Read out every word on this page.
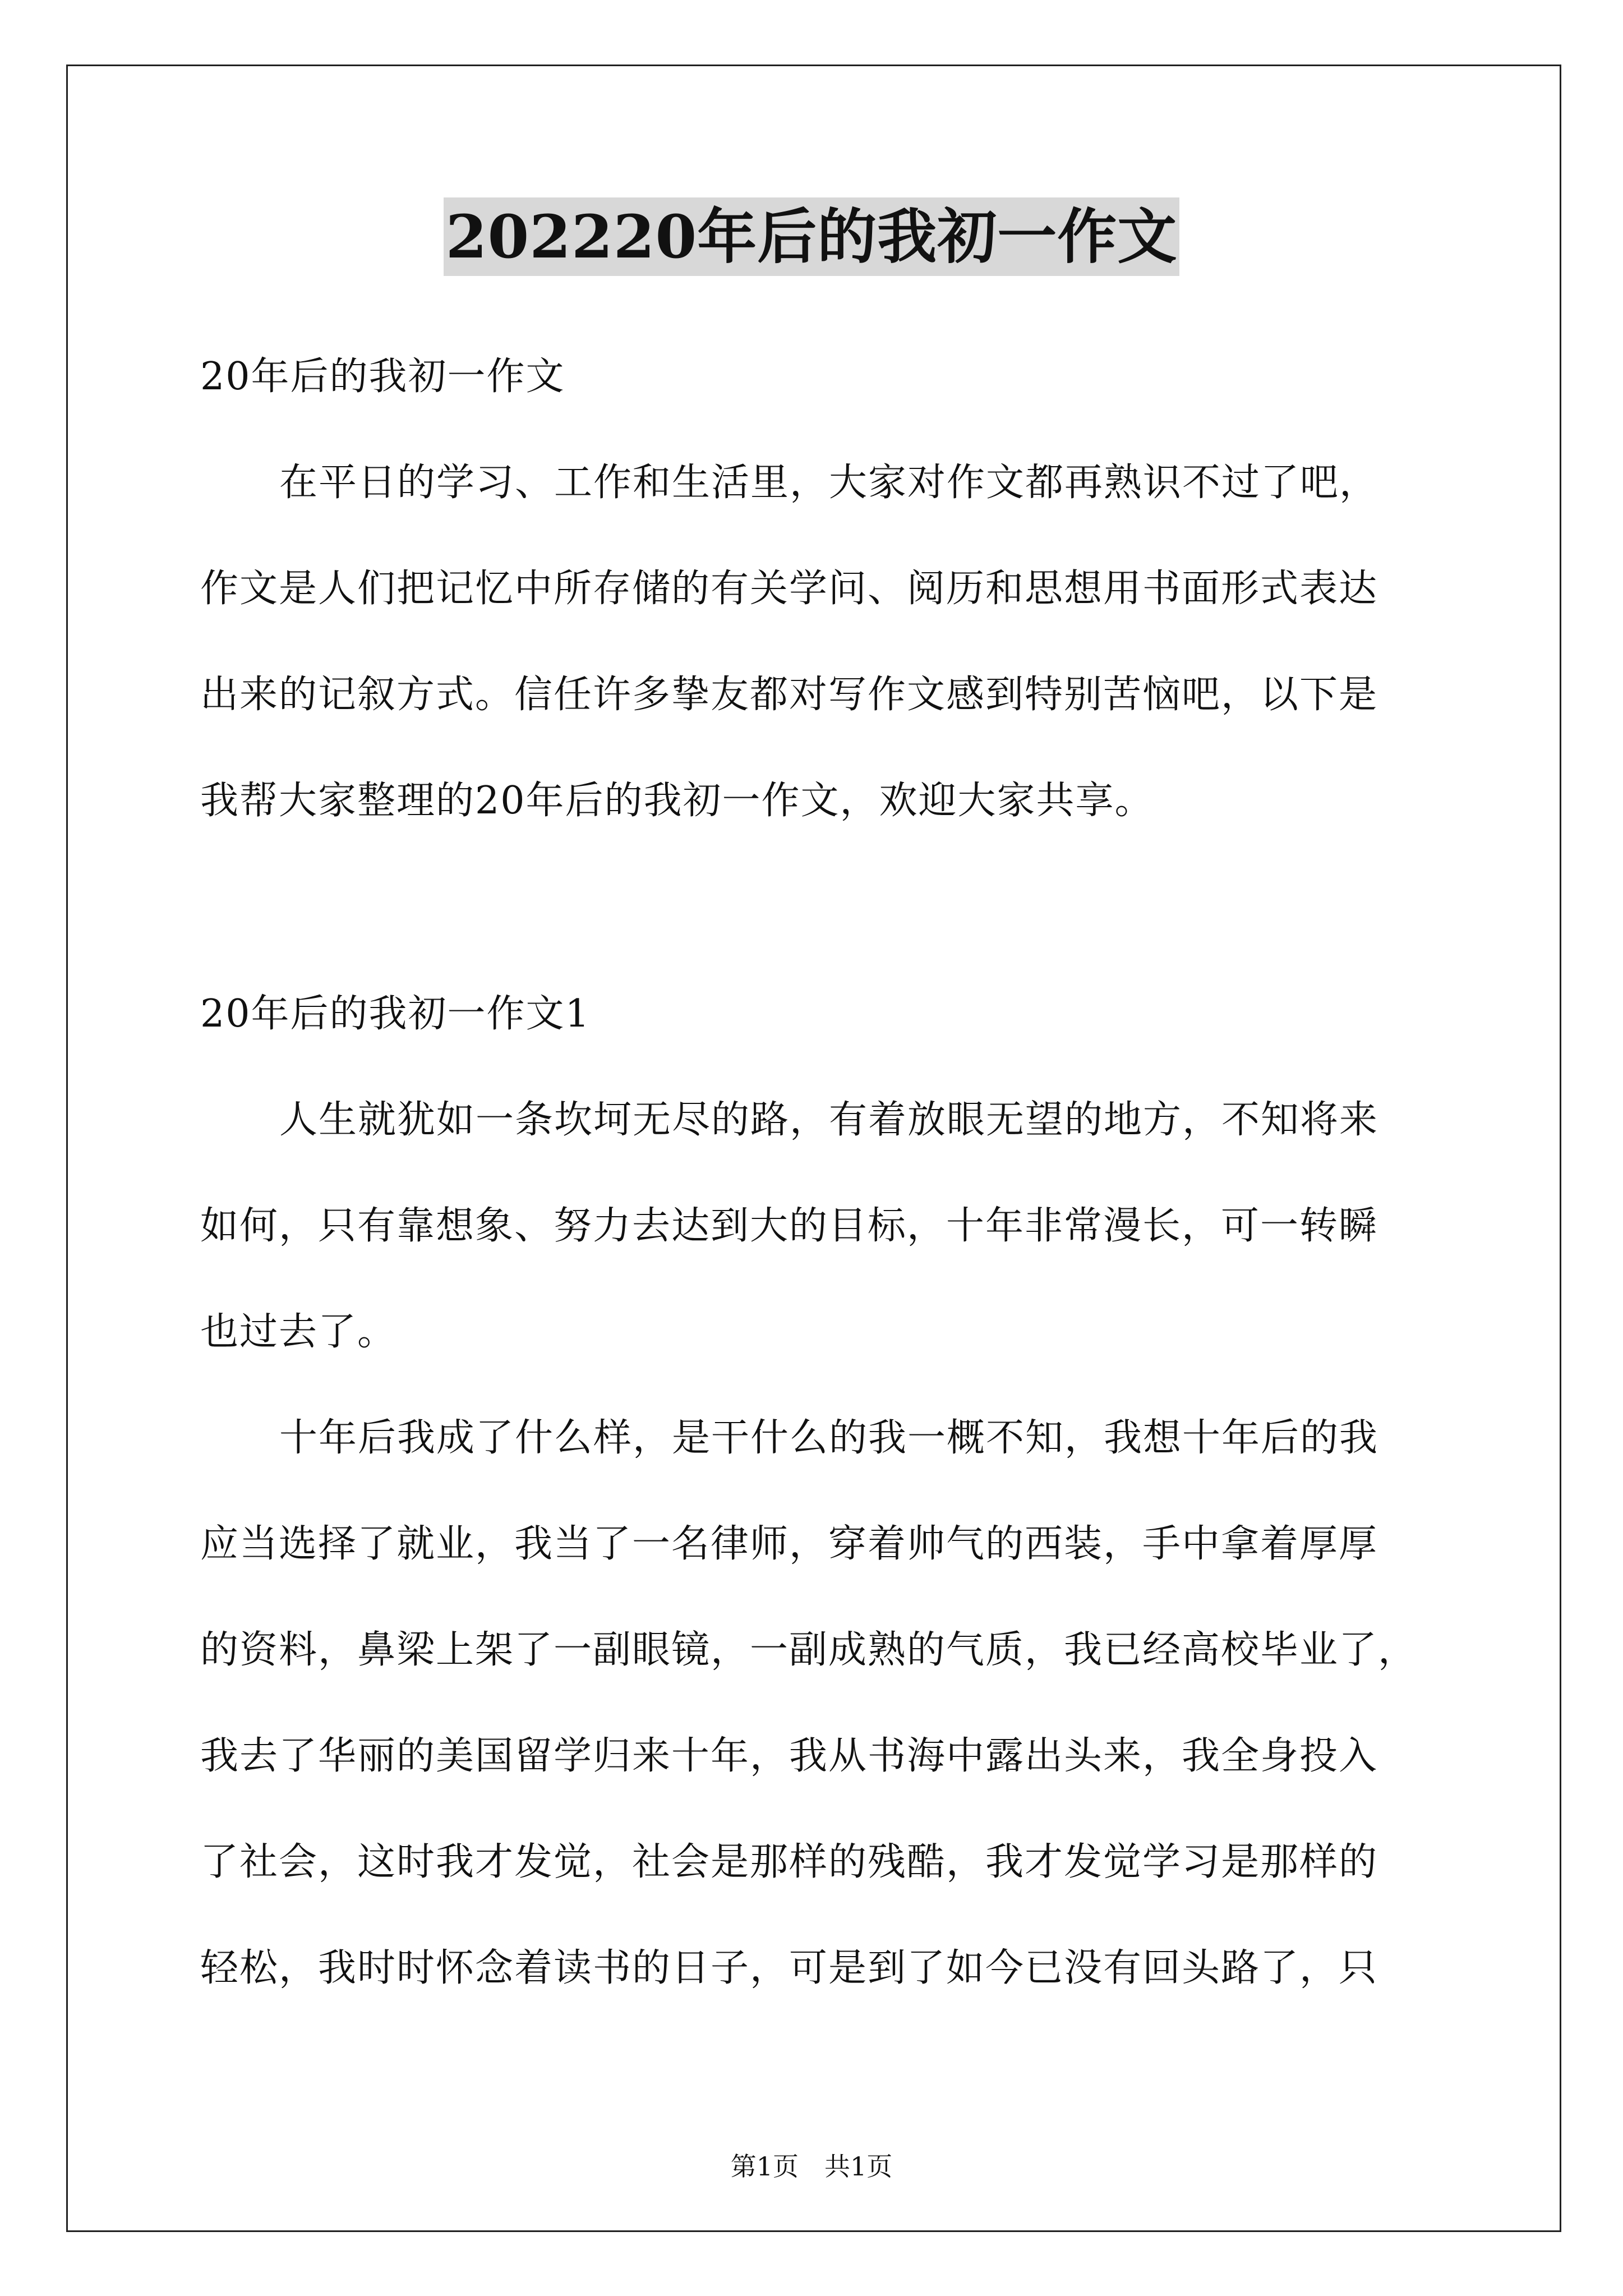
202220年后的我初一作文
20年后的我初一作文
在平日的学习、工作和生活里，大家对作文都再熟识不过了吧，
作文是人们把记忆中所存储的有关学问、阅历和思想用书面形式表达
出来的记叙方式。信任许多挚友都对写作文感到特别苦恼吧，以下是
我帮大家整理的20年后的我初一作文，欢迎大家共享。
20年后的我初一作文1
人生就犹如一条坎坷无尽的路，有着放眼无望的地方，不知将来
如何，只有靠想象、努力去达到大的目标，十年非常漫长，可一转瞬
也过去了。
十年后我成了什么样，是干什么的我一概不知，我想十年后的我
应当选择了就业，我当了一名律师，穿着帅气的西装，手中拿着厚厚
的资料，鼻梁上架了一副眼镜，一副成熟的气质，我已经高校毕业了，
我去了华丽的美国留学归来十年，我从书海中露出头来，我全身投入
了社会，这时我才发觉，社会是那样的残酷，我才发觉学习是那样的
轻松，我时时怀念着读书的日子，可是到了如今已没有回头路了，只
第1页　共1页
